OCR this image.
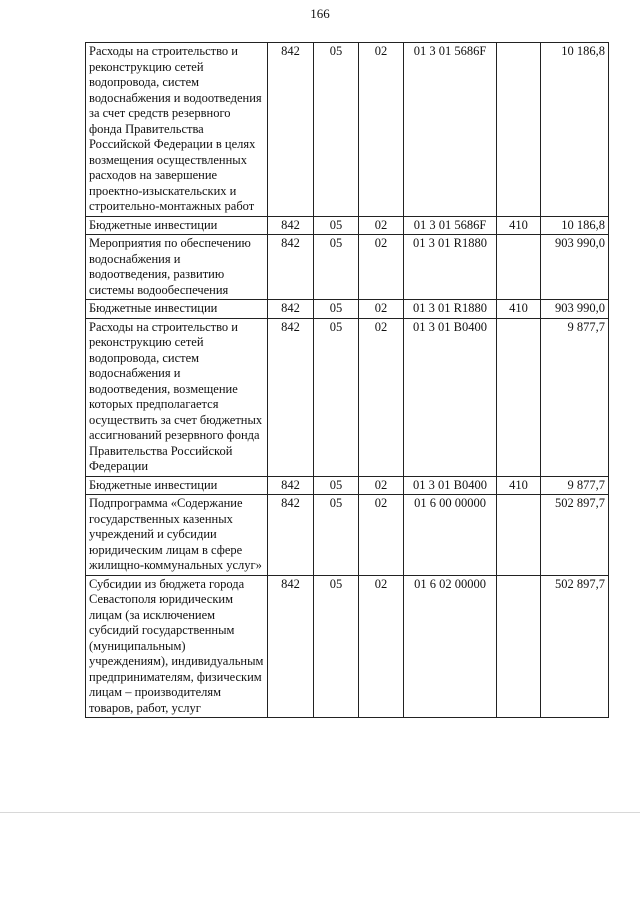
166
Расходы на строительство и реконструкцию сетей водопровода, систем водоснабжения и водоотведения за счет средств резервного фонда Правительства Российской Федерации в целях возмещения осуществленных расходов на завершение проектно-изыскательских и строительно-монтажных работ	842	05	02	01 3 01 5686F		10 186,8
Бюджетные инвестиции	842	05	02	01 3 01 5686F	410	10 186,8
Мероприятия по обеспечению водоснабжения и водоотведения, развитию системы водообеспечения	842	05	02	01 3 01 R1880		903 990,0
Бюджетные инвестиции	842	05	02	01 3 01 R1880	410	903 990,0
Расходы на строительство и реконструкцию сетей водопровода, систем водоснабжения и водоотведения, возмещение которых предполагается осуществить за счет бюджетных ассигнований резервного фонда Правительства Российской Федерации	842	05	02	01 3 01 В0400		9 877,7
Бюджетные инвестиции	842	05	02	01 3 01 В0400	410	9 877,7
Подпрограмма «Содержание государственных казенных учреждений и субсидии юридическим лицам в сфере жилищно-коммунальных услуг»	842	05	02	01 6 00 00000		502 897,7
Субсидии из бюджета города Севастополя юридическим лицам (за исключением субсидий государственным (муниципальным) учреждениям), индивидуальным предпринимателям, физическим лицам – производителям товаров, работ, услуг	842	05	02	01 6 02 00000		502 897,7
